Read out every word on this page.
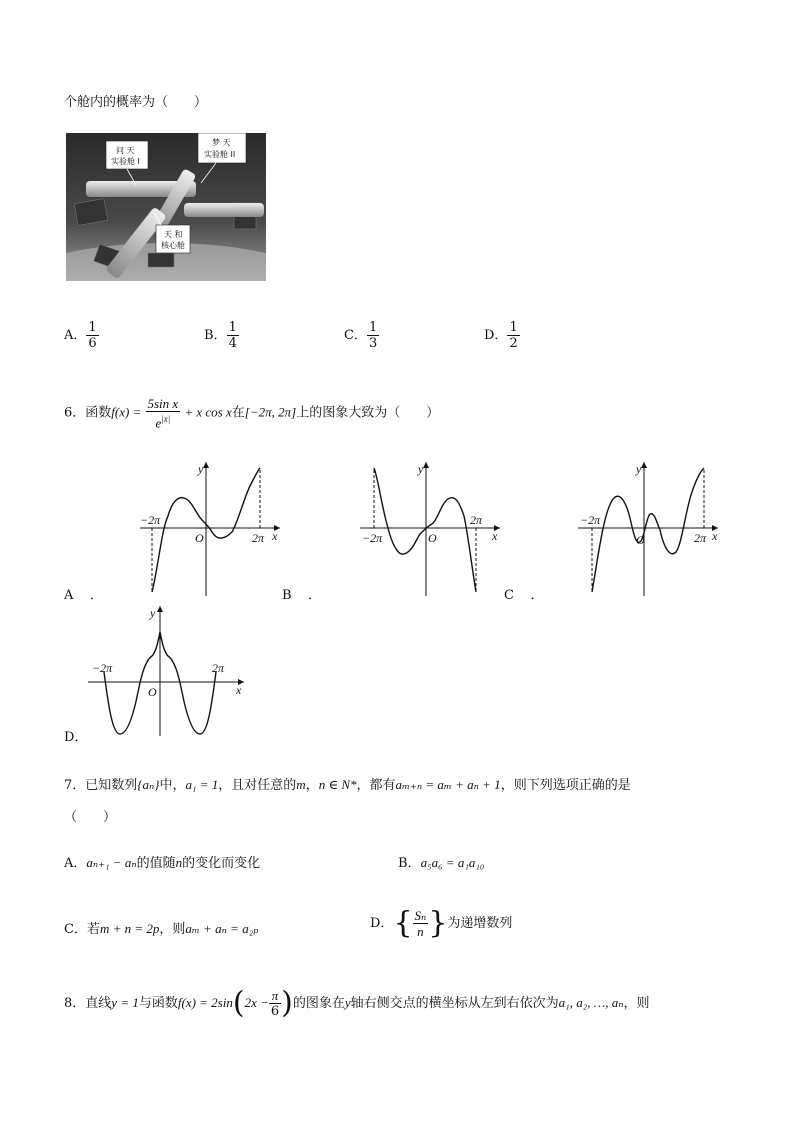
个舱内的概率为（　　）
问 天
实验舱 I
梦 天
实验舱 II
天 和
核心舱
A． $\frac{1}{6}$	B． $\frac{1}{4}$	C． $\frac{1}{3}$	D． $\frac{1}{2}$
6．函数$f(x) = \frac{\text{5sin x}}{e^{|x|}} + x$ cos x在[−2π, 2π]上的图象大致为（　　）
y
x
O
−2π
2π
A ．
y
x
O
−2π
2π
B ．
y
x
O
−2π
2π
C ．
y
x
O
−2π	2π
D．
7．已知数列{aₙ}中，a₁ = 1，且对任意的m，n ∈ N*，都有aₘ₊ₙ = aₘ + aₙ + 1，则下列选项正确的是
（　　）
A．aₙ₊₁ − aₙ的值随n的变化而变化	B．a₅a₆ = a₁a₁₀
C．若m + n = 2p，则aₘ + aₙ = a₂ₚ	D．{ $\frac{\text{Sₙ}}{n}$ }为递增数列
8．直线y = 1与函数$f(x) = 2\sin(2x - \frac{\pi}{6}$ )的图象在y轴右侧交点的横坐标从左到右依次为a₁, a₂, …, aₙ，则
